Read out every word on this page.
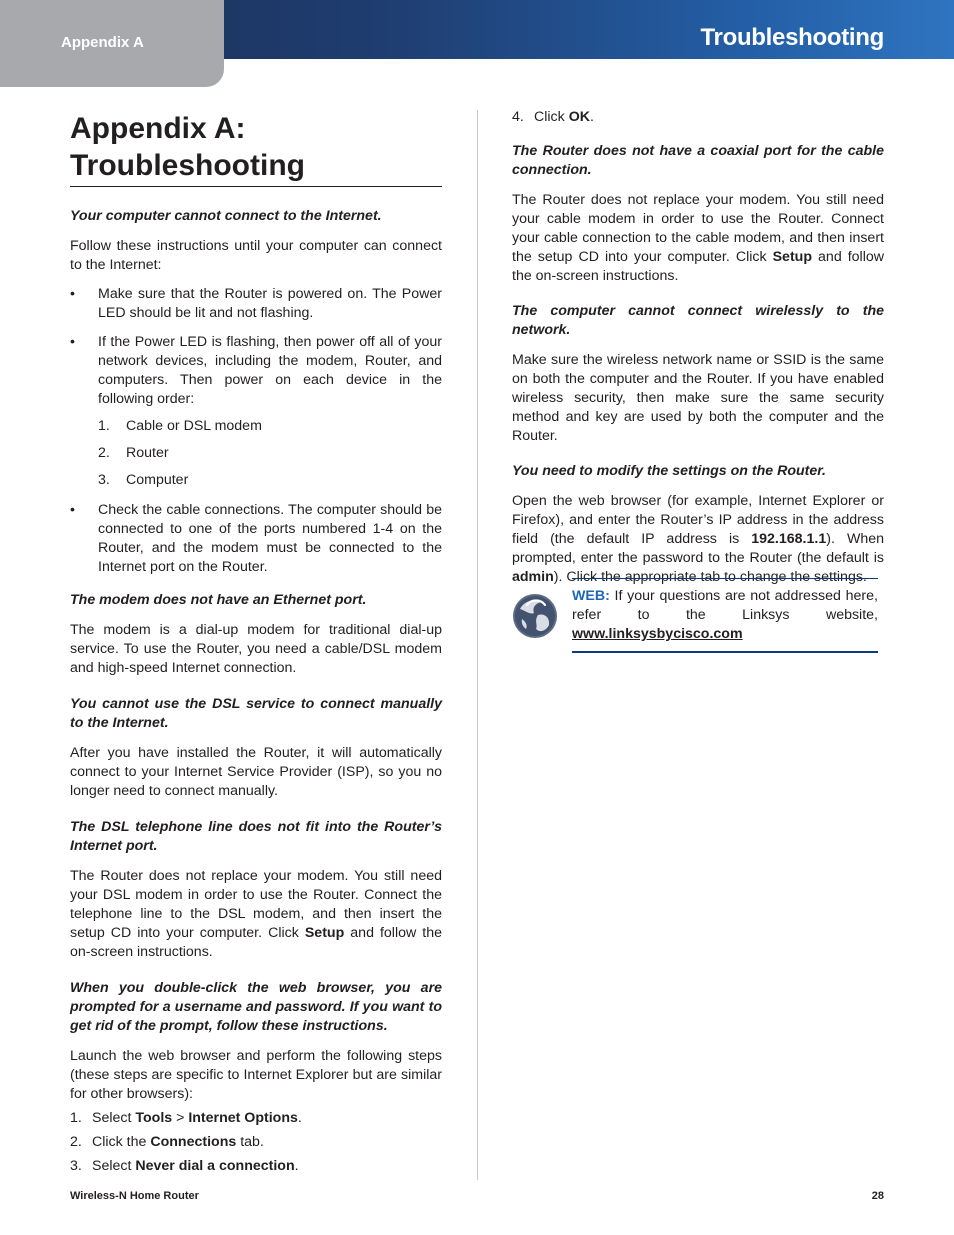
Appendix A	Troubleshooting
Appendix A:
Troubleshooting

Your computer cannot connect to the Internet.

Follow these instructions until your computer can connect to the Internet:

•	Make sure that the Router is powered on. The Power LED should be lit and not flashing.
•	If the Power LED is flashing, then power off all of your network devices, including the modem, Router, and computers. Then power on each device in the following order:
1.	Cable or DSL modem
2.	Router
3.	Computer
•	Check the cable connections. The computer should be connected to one of the ports numbered 1-4 on the Router, and the modem must be connected to the Internet port on the Router.

The modem does not have an Ethernet port.

The modem is a dial-up modem for traditional dial-up service. To use the Router, you need a cable/DSL modem and high-speed Internet connection.

You cannot use the DSL service to connect manually to the Internet.

After you have installed the Router, it will automatically connect to your Internet Service Provider (ISP), so you no longer need to connect manually.

The DSL telephone line does not fit into the Router’s Internet port.

The Router does not replace your modem. You still need your DSL modem in order to use the Router. Connect the telephone line to the DSL modem, and then insert the setup CD into your computer. Click Setup and follow the on-screen instructions.

When you double-click the web browser, you are prompted for a username and password. If you want to get rid of the prompt, follow these instructions.

Launch the web browser and perform the following steps (these steps are specific to Internet Explorer but are similar for other browsers):

1. Select Tools > Internet Options.
2. Click the Connections tab.
3. Select Never dial a connection.
4. Click OK.

The Router does not have a coaxial port for the cable connection.

The Router does not replace your modem. You still need your cable modem in order to use the Router. Connect your cable connection to the cable modem, and then insert the setup CD into your computer. Click Setup and follow the on-screen instructions.

The computer cannot connect wirelessly to the network.

Make sure the wireless network name or SSID is the same on both the computer and the Router. If you have enabled wireless security, then make sure the same security method and key are used by both the computer and the Router.

You need to modify the settings on the Router.

Open the web browser (for example, Internet Explorer or Firefox), and enter the Router’s IP address in the address field (the default IP address is 192.168.1.1). When prompted, enter the password to the Router (the default is admin). Click the appropriate tab to change the settings.

WEB: If your questions are not addressed here, refer to the Linksys website, www.linksysbycisco.com
Wireless-N Home Router	28
